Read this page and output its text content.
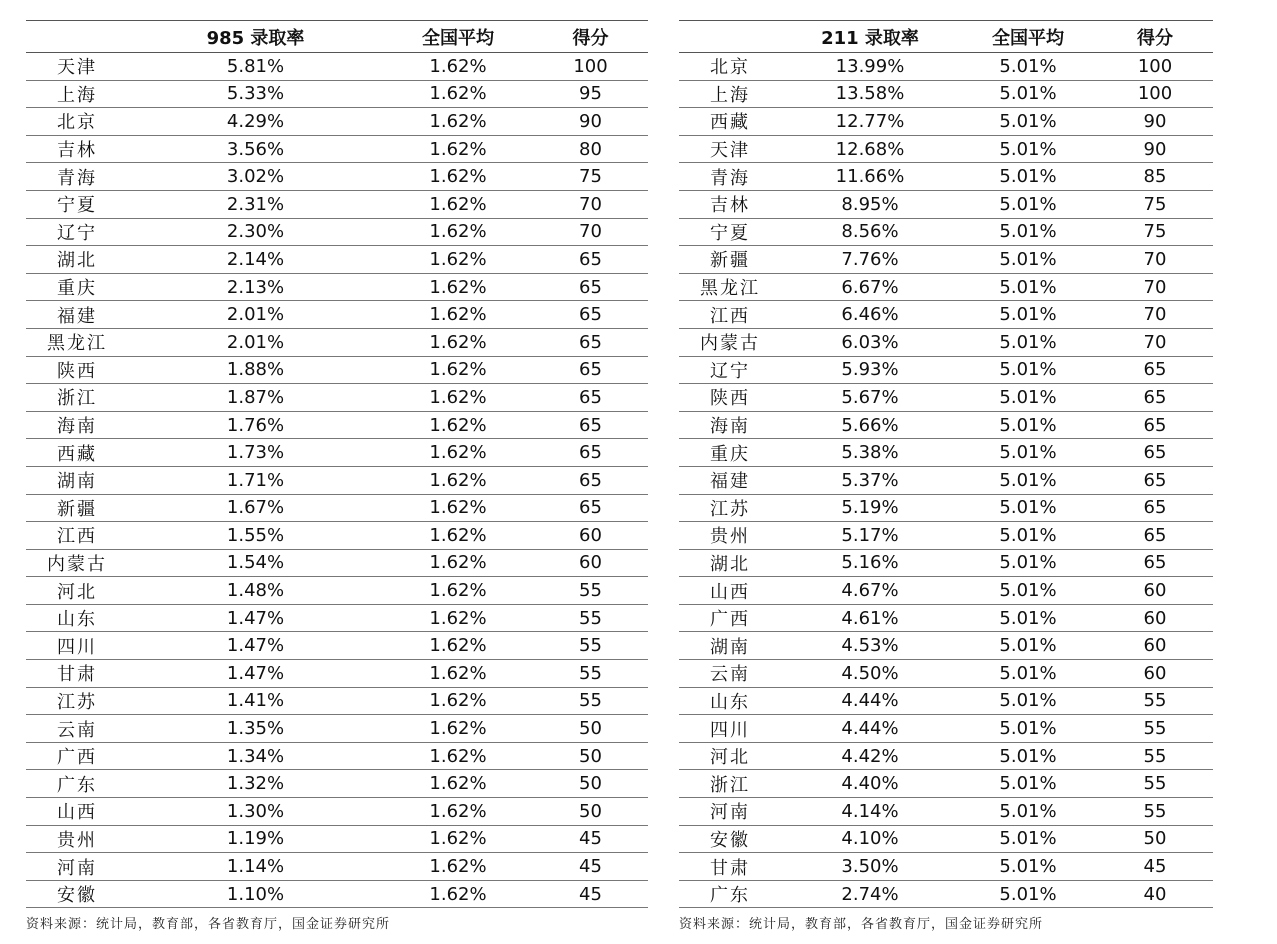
	985 录取率	全国平均	得分
天津	5.81%	1.62%	100
上海	5.33%	1.62%	95
北京	4.29%	1.62%	90
吉林	3.56%	1.62%	80
青海	3.02%	1.62%	75
宁夏	2.31%	1.62%	70
辽宁	2.30%	1.62%	70
湖北	2.14%	1.62%	65
重庆	2.13%	1.62%	65
福建	2.01%	1.62%	65
黑龙江	2.01%	1.62%	65
陕西	1.88%	1.62%	65
浙江	1.87%	1.62%	65
海南	1.76%	1.62%	65
西藏	1.73%	1.62%	65
湖南	1.71%	1.62%	65
新疆	1.67%	1.62%	65
江西	1.55%	1.62%	60
内蒙古	1.54%	1.62%	60
河北	1.48%	1.62%	55
山东	1.47%	1.62%	55
四川	1.47%	1.62%	55
甘肃	1.47%	1.62%	55
江苏	1.41%	1.62%	55
云南	1.35%	1.62%	50
广西	1.34%	1.62%	50
广东	1.32%	1.62%	50
山西	1.30%	1.62%	50
贵州	1.19%	1.62%	45
河南	1.14%	1.62%	45
安徽	1.10%	1.62%	45
资料来源：统计局，教育部，各省教育厅，国金证券研究所
	211 录取率	全国平均	得分
北京	13.99%	5.01%	100
上海	13.58%	5.01%	100
西藏	12.77%	5.01%	90
天津	12.68%	5.01%	90
青海	11.66%	5.01%	85
吉林	8.95%	5.01%	75
宁夏	8.56%	5.01%	75
新疆	7.76%	5.01%	70
黑龙江	6.67%	5.01%	70
江西	6.46%	5.01%	70
内蒙古	6.03%	5.01%	70
辽宁	5.93%	5.01%	65
陕西	5.67%	5.01%	65
海南	5.66%	5.01%	65
重庆	5.38%	5.01%	65
福建	5.37%	5.01%	65
江苏	5.19%	5.01%	65
贵州	5.17%	5.01%	65
湖北	5.16%	5.01%	65
山西	4.67%	5.01%	60
广西	4.61%	5.01%	60
湖南	4.53%	5.01%	60
云南	4.50%	5.01%	60
山东	4.44%	5.01%	55
四川	4.44%	5.01%	55
河北	4.42%	5.01%	55
浙江	4.40%	5.01%	55
河南	4.14%	5.01%	55
安徽	4.10%	5.01%	50
甘肃	3.50%	5.01%	45
广东	2.74%	5.01%	40
资料来源：统计局，教育部，各省教育厅，国金证券研究所
